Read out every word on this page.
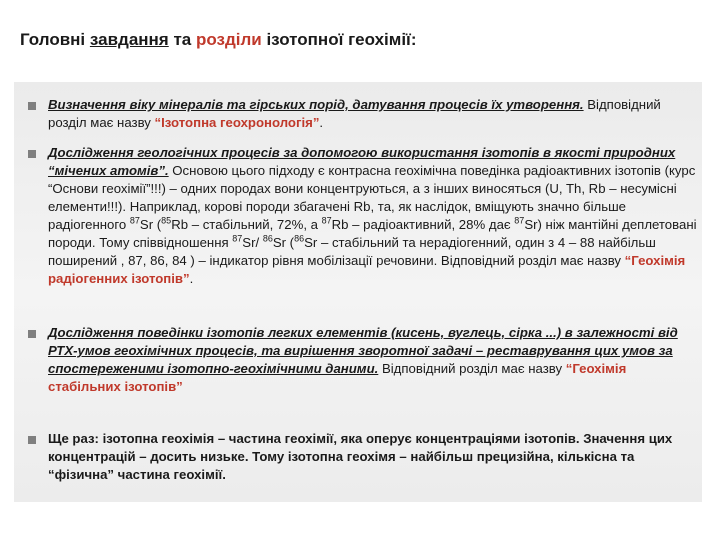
Головні завдання та розділи ізотопної геохімії:
Визначення віку мінералів та гірських порід, датування процесів їх утворення. Відповідний розділ має назву “Ізотопна геохронологія”.
Дослідження геологічних процесів за допомогою використання ізотопів в якості природних “мічених атомів”. Основою цього підходу є контрасна геохімічна поведінка радіоактивних ізотопів (курс “Основи геохімії”!!!) – одних породах вони концентруються, а з інших виносяться (U, Th, Rb – несумісні елементи!!!). Наприклад, корові породи збагачені Rb, та, як наслідок, вміщують значно більше радіогенного $^{87}$Sr ($^{85}$Rb – стабільний, 72%, а $^{87}$Rb – радіоактивний, 28% дає $^{87}$Sr) ніж мантійні деплетовані породи. Тому співвідношення $^{87}$Sr/ $^{86}$Sr ($^{86}$Sr – стабільний та нерадіогенний, один з 4 – 88 найбільш поширений , 87, 86, 84 ) – індикатор рівня мобілізації речовини. Відповідний розділ має назву “Геохімія радіогенних ізотопів”.
Дослідження поведінки ізотопів легких елементів (кисень, вуглець, сірка ...) в залежності від РТХ-умов геохімічних процесів, та вирішення зворотної задачі – реставрування цих умов за спостереженими ізотопно-геохімічними даними. Відповідний розділ має назву “Геохімія стабільних ізотопів”
Ще раз: ізотопна геохімія – частина геохімії, яка оперує концентраціями ізотопів. Значення цих концентрацій – досить низьке. Тому ізотопна геохімя – найбільш прецизійна, кількісна та “фізична” частина геохімії.
